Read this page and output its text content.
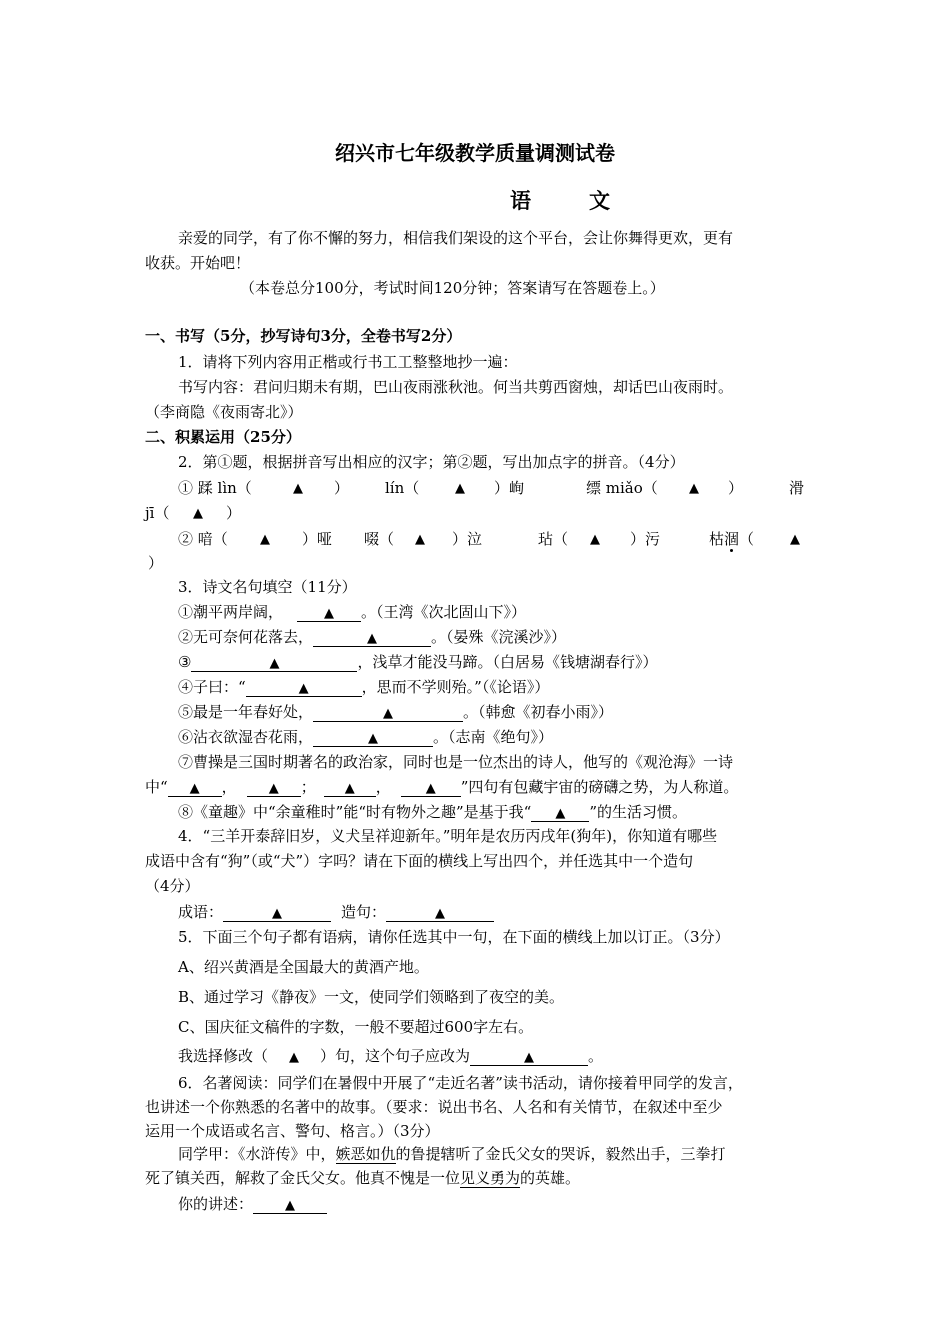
绍兴市七年级教学质量调测试卷
语文
亲爱的同学，有了你不懈的努力，相信我们架设的这个平台，会让你舞得更欢，更有
收获。开始吧！
（本卷总分100分，考试时间120分钟；答案请写在答题卷上。）
一、书写（5分，抄写诗句3分，全卷书写2分）
1．请将下列内容用正楷或行书工工整整地抄一遍：
书写内容：君问归期未有期，巴山夜雨涨秋池。何当共剪西窗烛，却话巴山夜雨时。
（李商隐《夜雨寄北》）
二、积累运用（25分）
2．第①题，根据拼音写出相应的汉字；第②题，写出加点字的拼音。（4分）
① 蹂 lìn（	▲ ） lín（	▲ ）峋	缥 miǎo（ ▲ ）	滑
jī（ ▲ ）
② 喑（ ▲ ）哑 啜（ ▲ ）泣	玷（ ▲ ）污	枯涸（	▲
）
3．诗文名句填空（11分）
①潮平两岸阔，	▲ 。（王湾《次北固山下》）
②无可奈何花落去，	▲	。（晏殊《浣溪沙》）
③	▲	，浅草才能没马蹄。（白居易《钱塘湖春行》）
④子曰：“	▲	，思而不学则殆。”（《论语》）
⑤最是一年春好处，	▲	。（韩愈《初春小雨》）
⑥沾衣欲湿杏花雨，	▲	。（志南《绝句》）
⑦曹操是三国时期著名的政治家，同时也是一位杰出的诗人，他写的《观沧海》一诗
中“ ▲ ， ▲ ； ▲ ，	▲ ”四句有包藏宇宙的磅礴之势，为人称道。
⑧《童趣》中“余童稚时”能“时有物外之趣”是基于我“ ▲ ”的生活习惯。
4．“三羊开泰辞旧岁，义犬呈祥迎新年。”明年是农历丙戌年(狗年)，你知道有哪些
成语中含有“狗”（或“犬”）字吗？请在下面的横线上写出四个，并任选其中一个造句
（4分）
成语：	▲	造句：	▲
5．下面三个句子都有语病，请你任选其中一句，在下面的横线上加以订正。（3分）
A、绍兴黄酒是全国最大的黄酒产地。
B、通过学习《静夜》一文，使同学们领略到了夜空的美。
C、国庆征文稿件的字数，一般不要超过600字左右。
我选择修改（ ▲ ）句，这个句子应改为	▲	。
6．名著阅读：同学们在暑假中开展了“走近名著”读书活动，请你接着甲同学的发言，
也讲述一个你熟悉的名著中的故事。（要求：说出书名、人名和有关情节，在叙述中至少
运用一个成语或名言、警句、格言。）（3分）
同学甲：《水浒传》中，嫉恶如仇的鲁提辖听了金氏父女的哭诉，毅然出手，三拳打
死了镇关西，解救了金氏父女。他真不愧是一位见义勇为的英雄。
你的讲述： ▲
